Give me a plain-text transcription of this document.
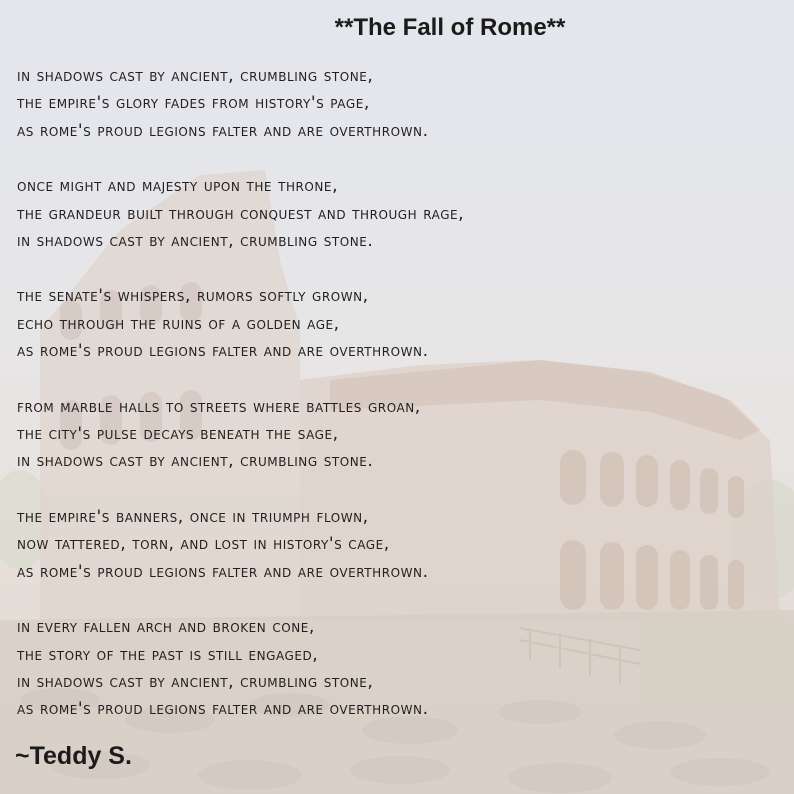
**The Fall of Rome**
in shadows cast by ancient, crumbling stone,
the empire's glory fades from history's page,
as rome's proud legions falter and are overthrown.
once might and majesty upon the throne,
the grandeur built through conquest and through rage,
in shadows cast by ancient, crumbling stone.
the senate's whispers, rumors softly grown,
echo through the ruins of a golden age,
as rome's proud legions falter and are overthrown.
from marble halls to streets where battles groan,
the city's pulse decays beneath the sage,
in shadows cast by ancient, crumbling stone.
the empire's banners, once in triumph flown,
now tattered, torn, and lost in history's cage,
as rome's proud legions falter and are overthrown.
in every fallen arch and broken cone,
the story of the past is still engaged,
in shadows cast by ancient, crumbling stone,
as rome's proud legions falter and are overthrown.
~Teddy S.
